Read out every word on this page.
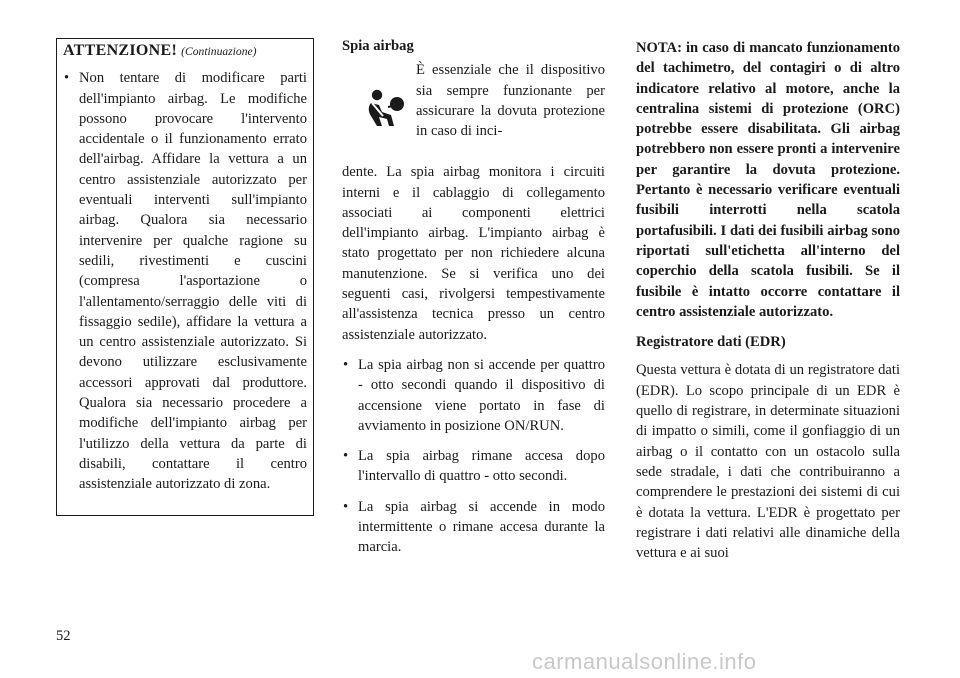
ATTENZIONE! (Continuazione)
• Non tentare di modificare parti dell'impianto airbag. Le modifiche possono provocare l'intervento accidentale o il funzionamento errato dell'airbag. Affidare la vettura a un centro assistenziale autorizzato per eventuali interventi sull'impianto airbag. Qualora sia necessario intervenire per qualche ragione su sedili, rivestimenti e cuscini (compresa l'asportazione o l'allentamento/serraggio delle viti di fissaggio sedile), affidare la vettura a un centro assistenziale autorizzato. Si devono utilizzare esclusivamente accessori approvati dal produttore. Qualora sia necessario procedere a modifiche dell'impianto airbag per l'utilizzo della vettura da parte di disabili, contattare il centro assistenziale autorizzato di zona.
Spia airbag

È essenziale che il dispositivo sia sempre funzionante per assicurare la dovuta protezione in caso di inci-

dente. La spia airbag monitora i circuiti interni e il cablaggio di collegamento associati ai componenti elettrici dell'impianto airbag. L'impianto airbag è stato progettato per non richiedere alcuna manutenzione. Se si verifica uno dei seguenti casi, rivolgersi tempestivamente all'assistenza tecnica presso un centro assistenziale autorizzato.

• La spia airbag non si accende per quattro - otto secondi quando il dispositivo di accensione viene portato in fase di avviamento in posizione ON/RUN.
• La spia airbag rimane accesa dopo l'intervallo di quattro - otto secondi.
• La spia airbag si accende in modo intermittente o rimane accesa durante la marcia.

NOTA: in caso di mancato funzionamento del tachimetro, del contagiri o di altro indicatore relativo al motore, anche la centralina sistemi di protezione (ORC) potrebbe essere disabilitata. Gli airbag potrebbero non essere pronti a intervenire per garantire la dovuta protezione. Pertanto è necessario verificare eventuali fusibili interrotti nella scatola portafusibili. I dati dei fusibili airbag sono riportati sull'etichetta all'interno del coperchio della scatola fusibili. Se il fusibile è intatto occorre contattare il centro assistenziale autorizzato.

Registratore dati (EDR)

Questa vettura è dotata di un registratore dati (EDR). Lo scopo principale di un EDR è quello di registrare, in determinate situazioni di impatto o simili, come il gonfiaggio di un airbag o il contatto con un ostacolo sulla sede stradale, i dati che contribuiranno a comprendere le prestazioni dei sistemi di cui è dotata la vettura. L'EDR è progettato per registrare i dati relativi alle dinamiche della vettura e ai suoi

52
carmanualsonline.info
